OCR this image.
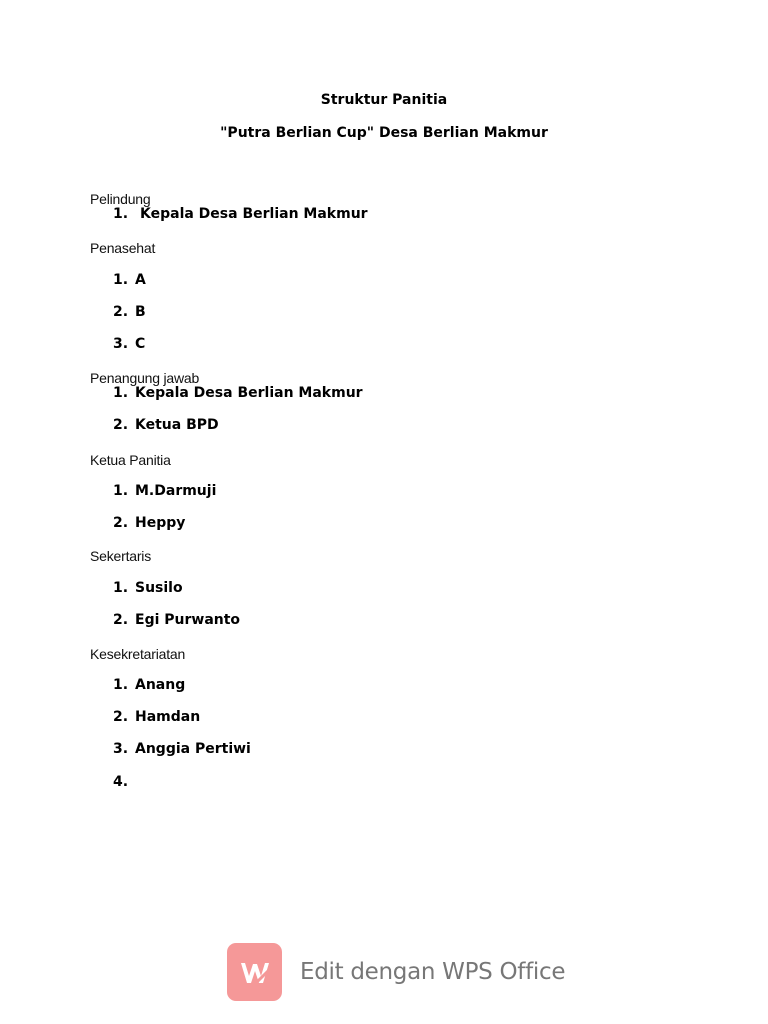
Struktur Panitia
"Putra Berlian Cup" Desa Berlian Makmur
Pelindung
1. Kepala Desa Berlian Makmur
Penasehat
1. A
2. B
3. C
Penangung jawab
1. Kepala Desa Berlian Makmur
2. Ketua BPD
Ketua Panitia
1. M.Darmuji
2. Heppy
Sekertaris
1. Susilo
2. Egi Purwanto
Kesekretariatan
1. Anang
2. Hamdan
3. Anggia Pertiwi
4.
Edit dengan WPS Office
